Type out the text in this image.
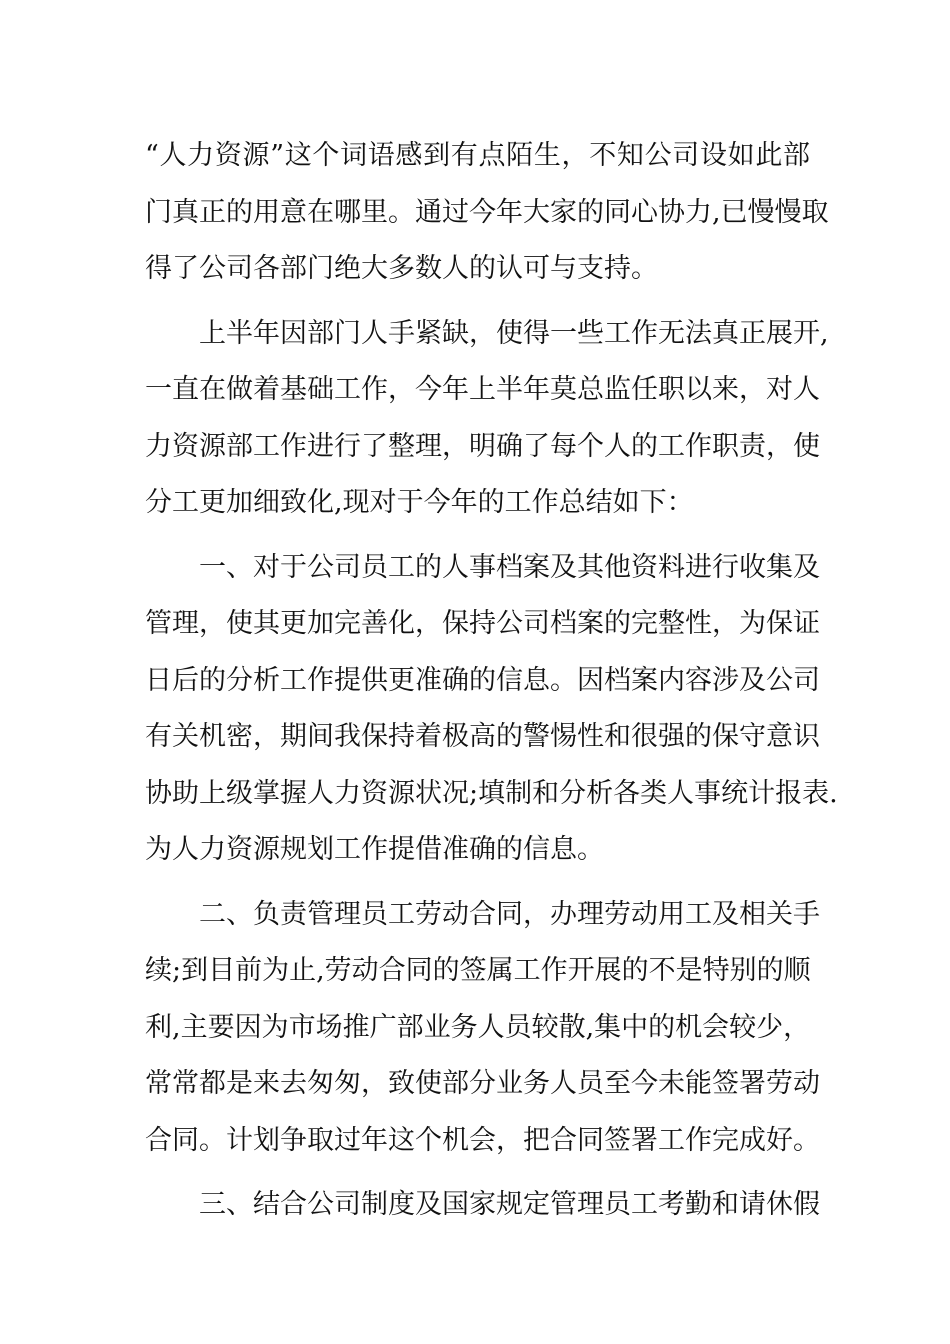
“人力资源”这个词语感到有点陌生，不知公司设如此部
门真正的用意在哪里。通过今年大家的同心协力,已慢慢取
得了公司各部门绝大多数人的认可与支持。
　　上半年因部门人手紧缺，使得一些工作无法真正展开,
一直在做着基础工作，今年上半年莫总监任职以来，对人
力资源部工作进行了整理，明确了每个人的工作职责，使
分工更加细致化,现对于今年的工作总结如下：
　　一、对于公司员工的人事档案及其他资料进行收集及
管理，使其更加完善化，保持公司档案的完整性，为保证
日后的分析工作提供更准确的信息。因档案内容涉及公司
有关机密，期间我保持着极高的警惕性和很强的保守意识
协助上级掌握人力资源状况;填制和分析各类人事统计报表.
为人力资源规划工作提借准确的信息。
　　二、负责管理员工劳动合同，办理劳动用工及相关手
续;到目前为止,劳动合同的签属工作开展的不是特别的顺
利,主要因为市场推广部业务人员较散,集中的机会较少，
常常都是来去匆匆，致使部分业务人员至今未能签署劳动
合同。计划争取过年这个机会，把合同签署工作完成好。
　　三、结合公司制度及国家规定管理员工考勤和请休假
